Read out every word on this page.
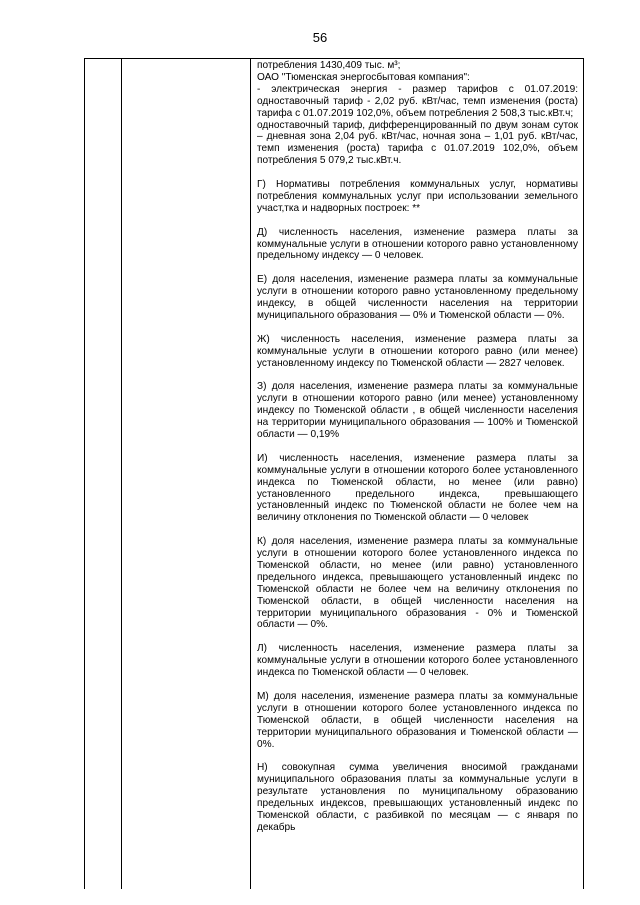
56

потребления 1430,409 тыс. м³;

ОАО "Тюменская энергосбытовая компания":

- электрическая энергия - размер тарифов с 01.07.2019: одноставочный тариф - 2,02 руб. кВт/час, темп изменения (роста) тарифа с 01.07.2019 102,0%, объем потребления 2 508,3 тыс.кВт.ч;

одноставочный тариф, дифференцированный по двум зонам суток – дневная зона 2,04 руб. кВт/час, ночная зона – 1,01 руб. кВт/час, темп изменения (роста) тарифа с 01.07.2019 102,0%, объем потребления 5 079,2 тыс.кВт.ч.

Г) Нормативы потребления коммунальных услуг, нормативы потребления коммунальных услуг при использовании земельного участ,тка и надворных построек: **

Д) численность населения, изменение размера платы за коммунальные услуги в отношении которого равно установленному предельному индексу — 0 человек.

Е) доля населения, изменение размера платы за коммунальные услуги в отношении которого равно установленному предельному индексу, в общей численности населения на территории муниципального образования — 0% и Тюменской области — 0%.

Ж) численность населения, изменение размера платы за коммунальные услуги в отношении которого равно (или менее) установленному индексу по Тюменской области — 2827 человек.

З) доля населения, изменение размера платы за коммунальные услуги в отношении которого равно (или менее) установленному индексу по Тюменской области , в общей численности населения на территории муниципального образования — 100% и Тюменской области — 0,19%

И) численность населения, изменение размера платы за коммунальные услуги в отношении которого более установленного индекса по Тюменской области, но менее (или равно) установленного предельного индекса, превышающего установленный индекс по Тюменской области не более чем на величину отклонения по Тюменской области — 0 человек

К) доля населения, изменение размера платы за коммунальные услуги в отношении которого более установленного индекса по Тюменской области, но менее (или равно) установленного предельного индекса, превышающего установленный индекс по Тюменской области не более чем на величину отклонения по Тюменской области, в общей численности населения на территории муниципального образования - 0% и Тюменской области — 0%.

Л) численность населения, изменение размера платы за коммунальные услуги в отношении которого более установленного индекса по Тюменской области — 0 человек.

М) доля населения, изменение размера платы за коммунальные услуги в отношении которого более установленного индекса по Тюменской области, в общей численности населения на территории муниципального образования и Тюменской области — 0%.

Н) совокупная сумма увеличения вносимой гражданами муниципального образования платы за коммунальные услуги в результате установления по муниципальному образованию предельных индексов, превышающих установленный индекс по Тюменской области, с разбивкой по месяцам — с января по декабрь
